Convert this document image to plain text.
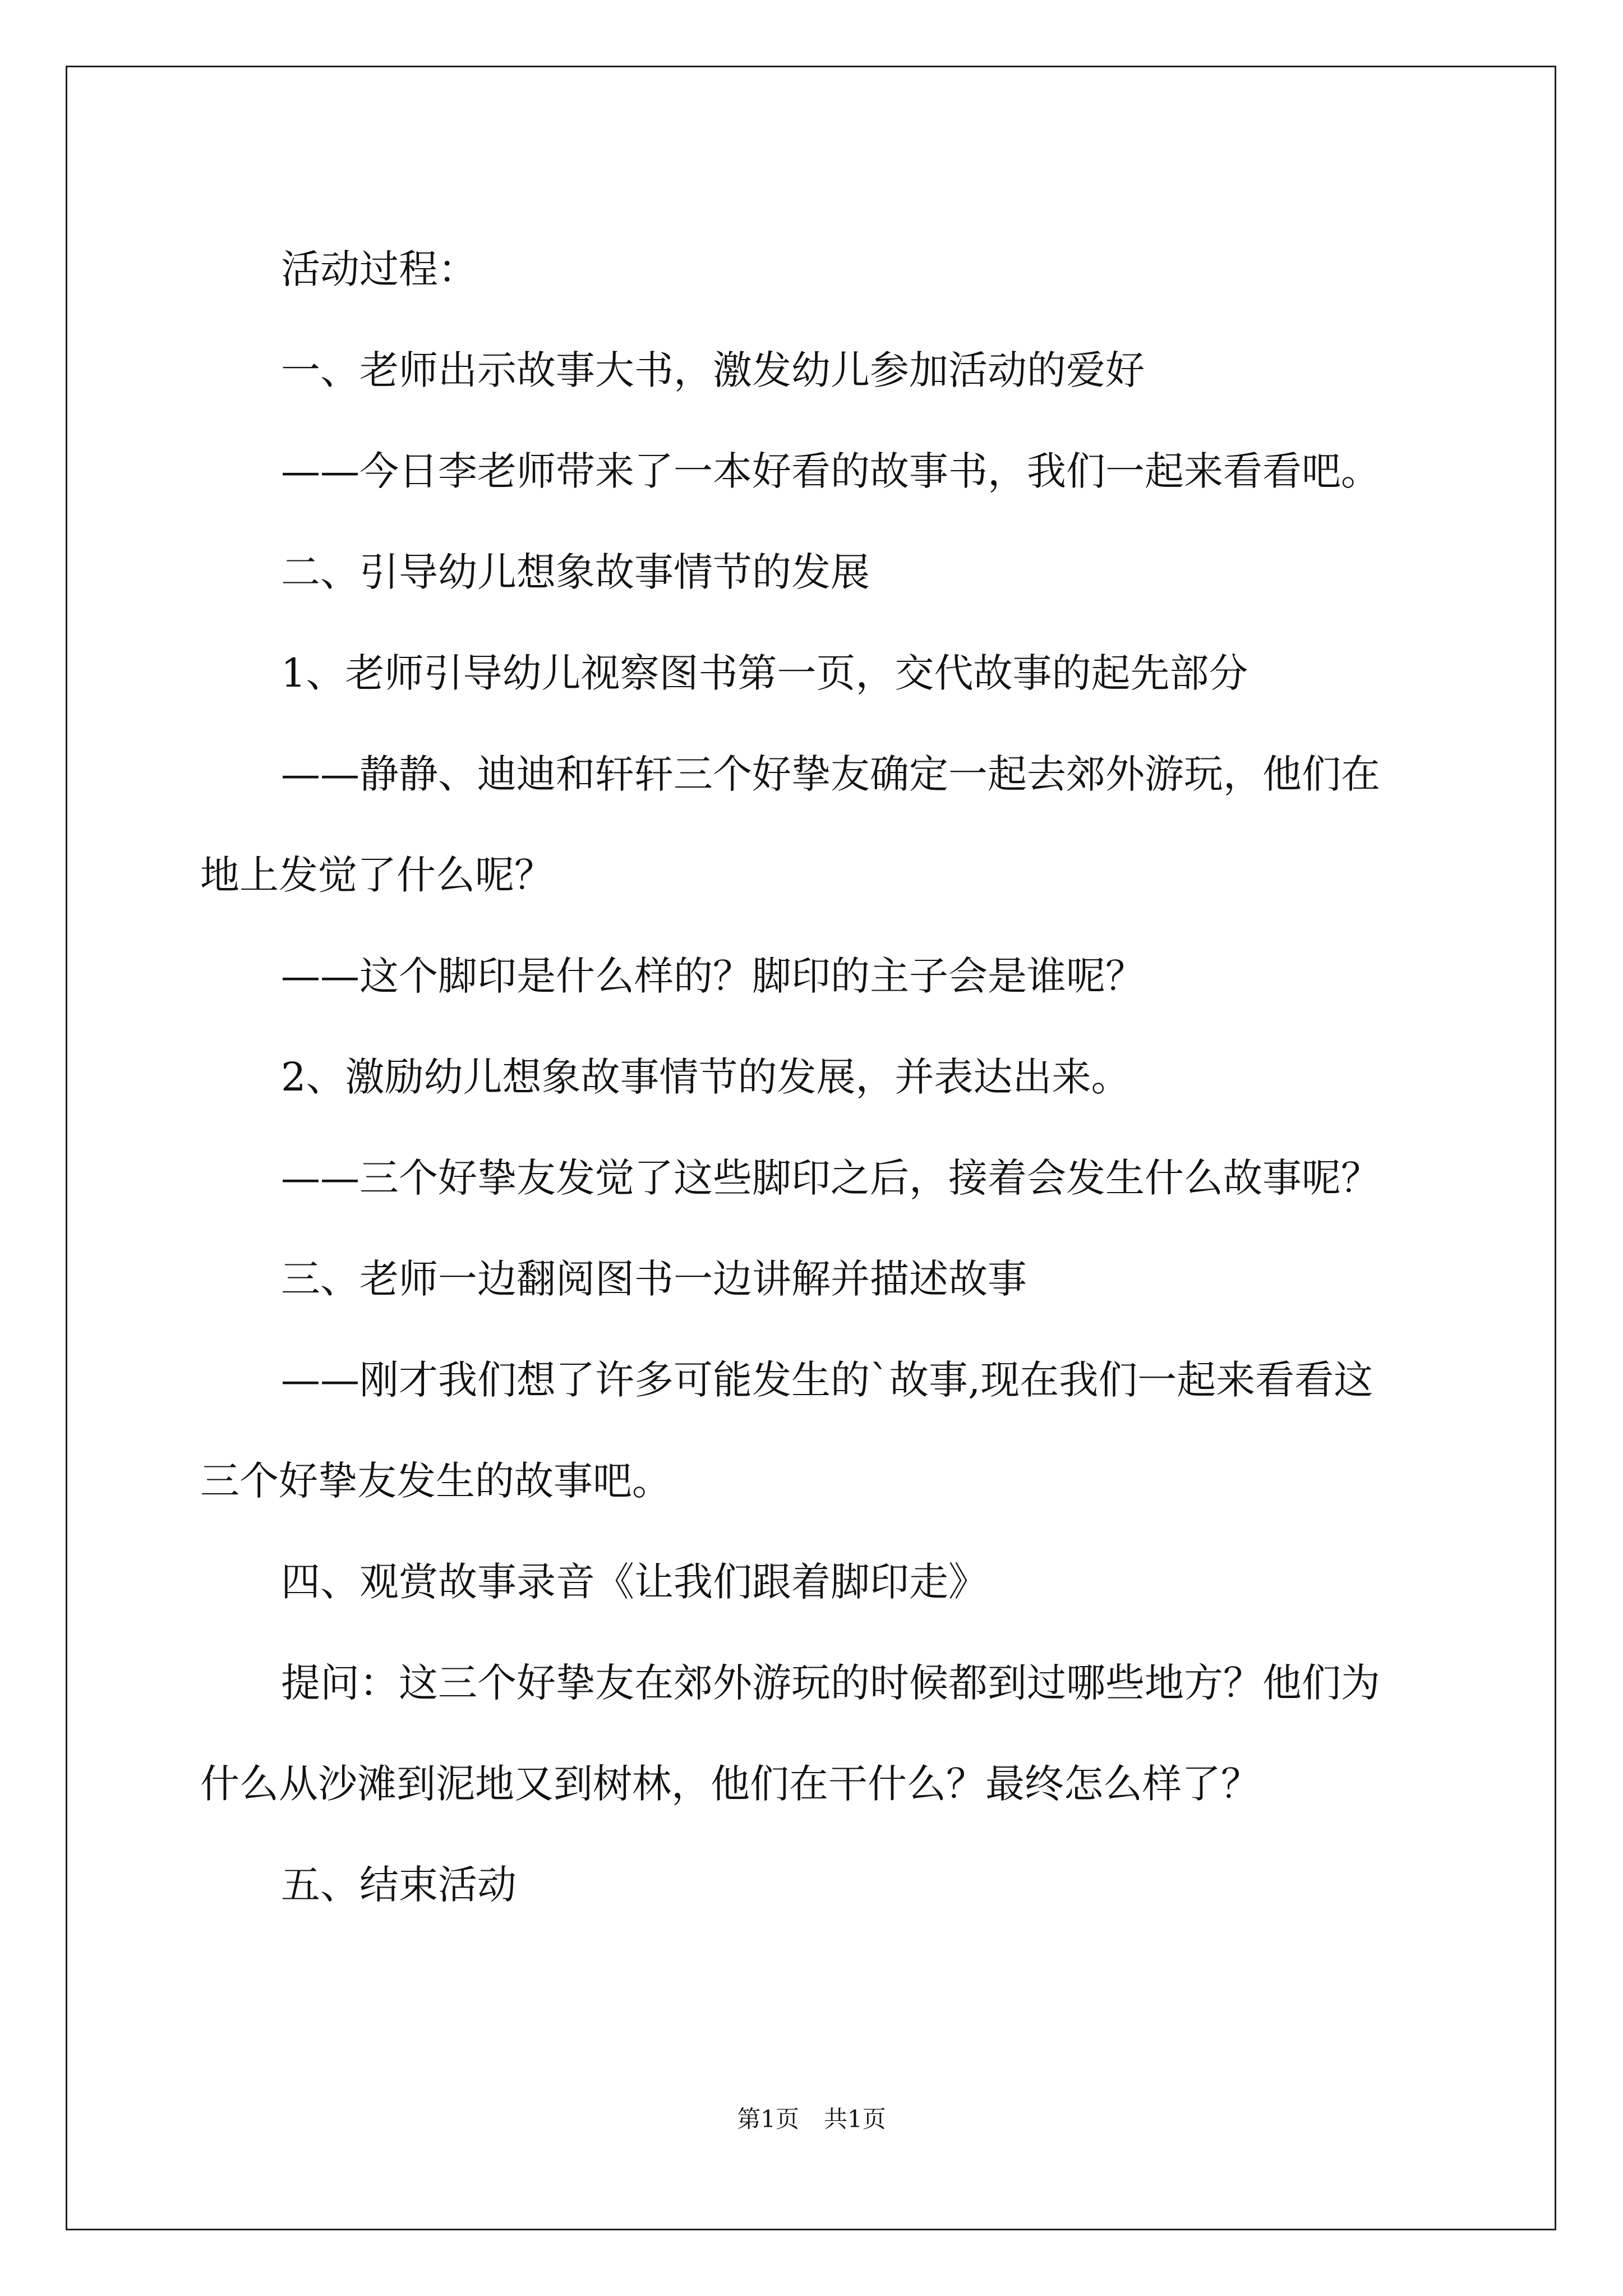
活动过程：

一、老师出示故事大书，激发幼儿参加活动的爱好

——今日李老师带来了一本好看的故事书，我们一起来看看吧。

二、引导幼儿想象故事情节的发展

1、老师引导幼儿视察图书第一页，交代故事的起先部分

——静静、迪迪和轩轩三个好挚友确定一起去郊外游玩，他们在

地上发觉了什么呢？

——这个脚印是什么样的？脚印的主子会是谁呢？

2、激励幼儿想象故事情节的发展，并表达出来。

——三个好挚友发觉了这些脚印之后，接着会发生什么故事呢？

三、老师一边翻阅图书一边讲解并描述故事

——刚才我们想了许多可能发生的`故事,现在我们一起来看看这

三个好挚友发生的故事吧。

四、观赏故事录音《让我们跟着脚印走》

提问：这三个好挚友在郊外游玩的时候都到过哪些地方？他们为

什么从沙滩到泥地又到树林，他们在干什么？最终怎么样了？

五、结束活动

第1页 共1页
